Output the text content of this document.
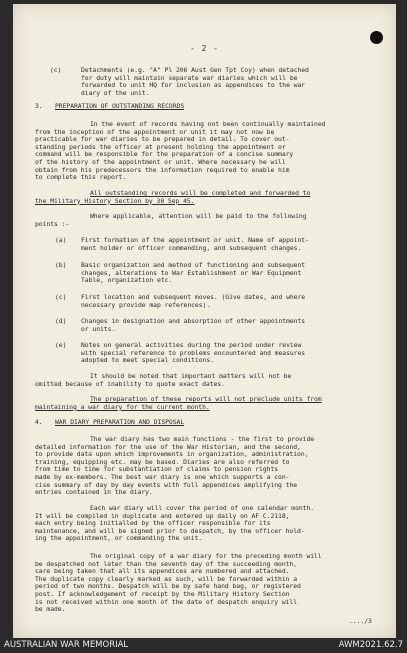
- 2 -
(c)	Detachments (e.g. "A" Pl 206 Aust Gen Tpt Coy) when detached
for duty will maintain separate war diaries which will be
forwarded to unit HQ for inclusion as appendices to the war
diary of the unit.
3. PREPARATION OF OUTSTANDING RECORDS
In the event of records having not been continually maintained
from the inception of the appointment or unit it may not now be
practicable for war diaries to be prepared in detail. To cover out-
standing periods the officer at present holding the appointment or
command will be responsible for the preparation of a concise summary
of the history of the appointment or unit. Where necessary he will
obtain from his predecessors the information required to enable him
to complete this report.
All outstanding records will be completed and forwarded to
the Military History Section by 30 Sep 45.
Where applicable, attention will be paid to the following
points :-
(a) First formation of the appointment or unit. Name of appoint-
ment holder or officer commanding, and subsequent changes.
(b) Basic organization and method of functioning and subsequent
changes, alterations to War Establishment or War Equipment
Table, organization etc.
(c) First location and subsequent moves. (Give dates, and where
necessary provide map references).
(d) Changes in designation and absorption of other appointments
or units.
(e) Notes on general activities during the period under review
with special reference to problems encountered and measures
adopted to meet special conditions.
It should be noted that important matters will not be
omitted because of inability to quote exact dates.
The preparation of these reports will not preclude units from
maintaining a war diary for the current month.
4. WAR DIARY PREPARATION AND DISPOSAL
The war diary has two main functions - the first to provide
detailed information for the use of the War Historian, and the second,
to provide data upon which improvements in organization, administration,
training, equipping etc. may be based. Diaries are also referred to
from time to time for substantiation of claims to pension rights
made by ex-members. The best war diary is one which supports a con-
cise summary of day by day events with full appendices amplifying the
entries contained in the diary.
Each war diary will cover the period of one calendar month.
It will be compiled in duplicate and entered up daily on AF C.2118,
each entry being initialled by the officer responsible for its
maintenance, and will be signed prior to despatch, by the officer hold-
ing the appointment, or commanding the unit.
The original copy of a war diary for the preceding month will
be despatched not later than the seventh day of the succeeding month,
care being taken that all its appendices are numbered and attached.
The duplicate copy clearly marked as such, will be forwarded within a
period of two months. Despatch will be by safe hand bag, or registered
post. If acknowledgement of receipt by the Military History Section
is not received within one month of the date of despatch enquiry will
be made.
..../3
AUSTRALIAN WAR MEMORIAL	AWM2021.62.7
